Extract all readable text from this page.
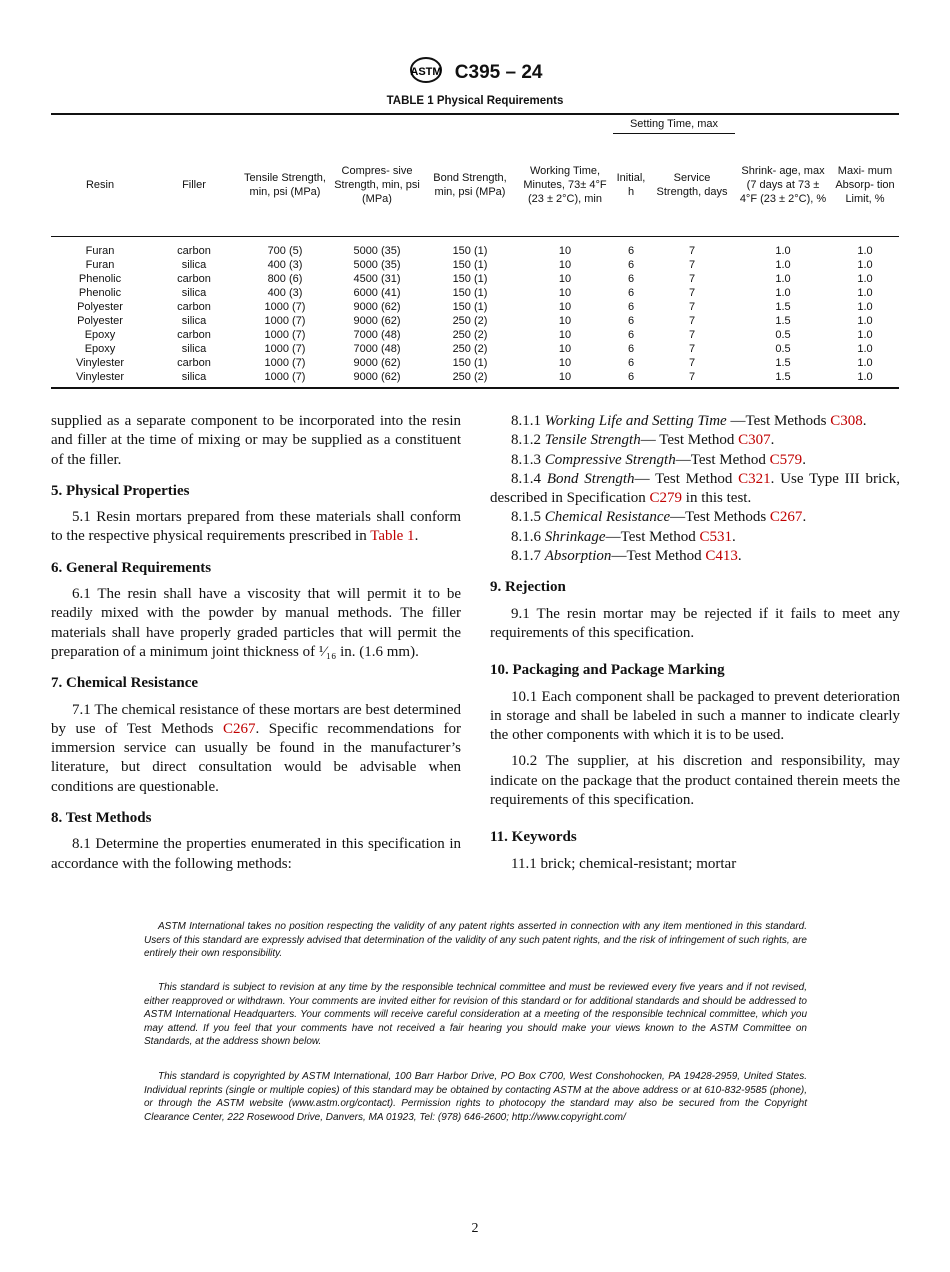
ASTM C395 – 24
TABLE 1 Physical Requirements
						Setting Time, max			
Resin	Filler	Tensile Strength, min, psi (MPa)	Compres- sive Strength, min, psi (MPa)	Bond Strength, min, psi (MPa)	Working Time, Minutes, 73± 4°F (23 ± 2°C), min	Initial, h	Service Strength, days	Shrink- age, max (7 days at 73 ± 4°F (23 ± 2°C), %	Maxi- mum Absorp- tion Limit, %
Furan	carbon	700 (5)	5000 (35)	150 (1)	10	6	7	1.0	1.0
Furan	silica	400 (3)	5000 (35)	150 (1)	10	6	7	1.0	1.0
Phenolic	carbon	800 (6)	4500 (31)	150 (1)	10	6	7	1.0	1.0
Phenolic	silica	400 (3)	6000 (41)	150 (1)	10	6	7	1.0	1.0
Polyester	carbon	1000 (7)	9000 (62)	150 (1)	10	6	7	1.5	1.0
Polyester	silica	1000 (7)	9000 (62)	250 (2)	10	6	7	1.5	1.0
Epoxy	carbon	1000 (7)	7000 (48)	250 (2)	10	6	7	0.5	1.0
Epoxy	silica	1000 (7)	7000 (48)	250 (2)	10	6	7	0.5	1.0
Vinylester	carbon	1000 (7)	9000 (62)	150 (1)	10	6	7	1.5	1.0
Vinylester	silica	1000 (7)	9000 (62)	250 (2)	10	6	7	1.5	1.0

supplied as a separate component to be incorporated into the resin and filler at the time of mixing or may be supplied as a constituent of the filler.

5. Physical Properties

5.1 Resin mortars prepared from these materials shall conform to the respective physical requirements prescribed in Table 1.

6. General Requirements

6.1 The resin shall have a viscosity that will permit it to be readily mixed with the powder by manual methods. The filler materials shall have properly graded particles that will permit the preparation of a minimum joint thickness of ¹⁄₁₆ in. (1.6 mm).

7. Chemical Resistance

7.1 The chemical resistance of these mortars are best determined by use of Test Methods C267. Specific recommendations for immersion service can usually be found in the manufacturer’s literature, but direct consultation would be advisable when conditions are questionable.

8. Test Methods

8.1 Determine the properties enumerated in this specification in accordance with the following methods:

8.1.1 Working Life and Setting Time —Test Methods C308.

8.1.2 Tensile Strength— Test Method C307.

8.1.3 Compressive Strength—Test Method C579.

8.1.4 Bond Strength— Test Method C321. Use Type III brick, described in Specification C279 in this test.

8.1.5 Chemical Resistance—Test Methods C267.

8.1.6 Shrinkage—Test Method C531.

8.1.7 Absorption—Test Method C413.

9. Rejection

9.1 The resin mortar may be rejected if it fails to meet any requirements of this specification.

10. Packaging and Package Marking

10.1 Each component shall be packaged to prevent deterioration in storage and shall be labeled in such a manner to indicate clearly the other components with which it is to be used.

10.2 The supplier, at his discretion and responsibility, may indicate on the package that the product contained therein meets the requirements of this specification.

11. Keywords

11.1 brick; chemical-resistant; mortar

ASTM International takes no position respecting the validity of any patent rights asserted in connection with any item mentioned in this standard. Users of this standard are expressly advised that determination of the validity of any such patent rights, and the risk of infringement of such rights, are entirely their own responsibility.

This standard is subject to revision at any time by the responsible technical committee and must be reviewed every five years and if not revised, either reapproved or withdrawn. Your comments are invited either for revision of this standard or for additional standards and should be addressed to ASTM International Headquarters. Your comments will receive careful consideration at a meeting of the responsible technical committee, which you may attend. If you feel that your comments have not received a fair hearing you should make your views known to the ASTM Committee on Standards, at the address shown below.

This standard is copyrighted by ASTM International, 100 Barr Harbor Drive, PO Box C700, West Conshohocken, PA 19428-2959, United States. Individual reprints (single or multiple copies) of this standard may be obtained by contacting ASTM at the above address or at 610-832-9585 (phone), or through the ASTM website (www.astm.org/contact). Permission rights to photocopy the standard may also be secured from the Copyright Clearance Center, 222 Rosewood Drive, Danvers, MA 01923, Tel: (978) 646-2600; http://www.copyright.com/

2
